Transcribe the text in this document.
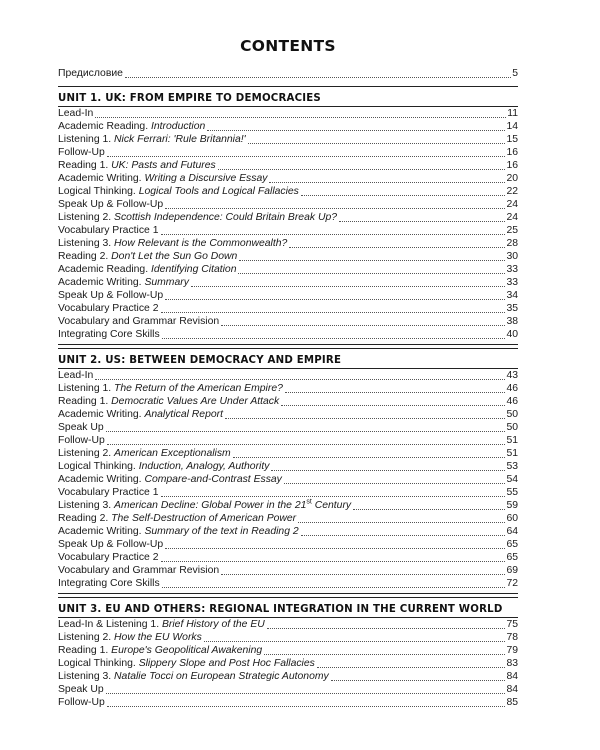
CONTENTS
Предисловие	5
UNIT 1. UK: FROM EMPIRE TO DEMOCRACIES
Lead-In	11
Academic Reading. Introduction	14
Listening 1. Nick Ferrari: 'Rule Britannia!'	15
Follow-Up	16
Reading 1. UK: Pasts and Futures	16
Academic Writing. Writing a Discursive Essay	20
Logical Thinking. Logical Tools and Logical Fallacies	22
Speak Up & Follow-Up	24
Listening 2. Scottish Independence: Could Britain Break Up?	24
Vocabulary Practice 1	25
Listening 3. How Relevant is the Commonwealth?	28
Reading 2. Don't Let the Sun Go Down	30
Academic Reading. Identifying Citation	33
Academic Writing. Summary	33
Speak Up & Follow-Up	34
Vocabulary Practice 2	35
Vocabulary and Grammar Revision	38
Integrating Core Skills	40
UNIT 2. US: BETWEEN DEMOCRACY AND EMPIRE
Lead-In	43
Listening 1. The Return of the American Empire?	46
Reading 1. Democratic Values Are Under Attack	46
Academic Writing. Analytical Report	50
Speak Up	50
Follow-Up	51
Listening 2. American Exceptionalism	51
Logical Thinking. Induction, Analogy, Authority	53
Academic Writing. Compare-and-Contrast Essay	54
Vocabulary Practice 1	55
Listening 3. American Decline: Global Power in the 21st Century	59
Reading 2. The Self-Destruction of American Power	60
Academic Writing. Summary of the text in Reading 2	64
Speak Up & Follow-Up	65
Vocabulary Practice 2	65
Vocabulary and Grammar Revision	69
Integrating Core Skills	72
UNIT 3. EU AND OTHERS: REGIONAL INTEGRATION IN THE CURRENT WORLD
Lead-In & Listening 1. Brief History of the EU	75
Listening 2. How the EU Works	78
Reading 1. Europe's Geopolitical Awakening	79
Logical Thinking. Slippery Slope and Post Hoc Fallacies	83
Listening 3. Natalie Tocci on European Strategic Autonomy	84
Speak Up	84
Follow-Up	85
